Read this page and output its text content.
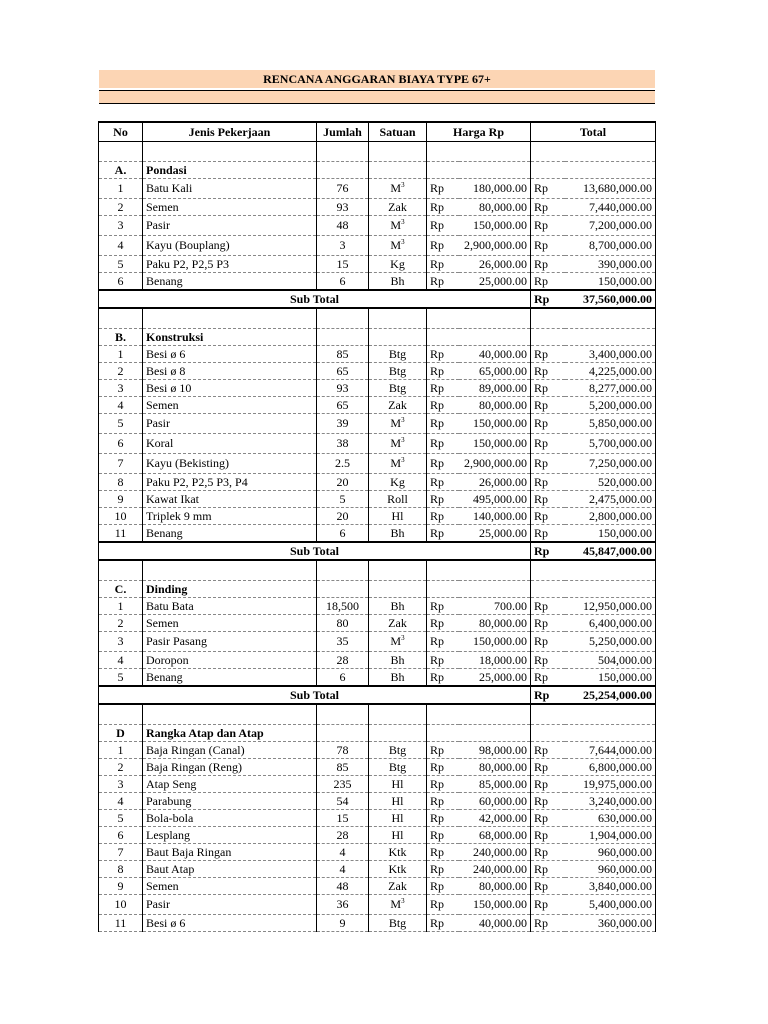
RENCANA ANGGARAN BIAYA TYPE 67+
No	Jenis Pekerjaan	Jumlah	Satuan	Harga Rp		Total	

A.	Pondasi						
1	Batu Kali	76	$M^3$	Rp	180,000.00	Rp	13,680,000.00
2	Semen	93	Zak	Rp	80,000.00	Rp	7,440,000.00
3	Pasir	48	$M^3$	Rp	150,000.00	Rp	7,200,000.00
4	Kayu (Bouplang)	3	$M^3$	Rp	2,900,000.00	Rp	8,700,000.00
5	Paku P2, P2,5 P3	15	Kg	Rp	26,000.00	Rp	390,000.00
6	Benang	6	Bh	Rp	25,000.00	Rp	150,000.00
Sub Total						Rp	37,560,000.00

B.	Konstruksi						
1	Besi ø 6	85	Btg	Rp	40,000.00	Rp	3,400,000.00
2	Besi ø 8	65	Btg	Rp	65,000.00	Rp	4,225,000.00
3	Besi ø 10	93	Btg	Rp	89,000.00	Rp	8,277,000.00
4	Semen	65	Zak	Rp	80,000.00	Rp	5,200,000.00
5	Pasir	39	$M^3$	Rp	150,000.00	Rp	5,850,000.00
6	Koral	38	$M^3$	Rp	150,000.00	Rp	5,700,000.00
7	Kayu (Bekisting)	2.5	$M^3$	Rp	2,900,000.00	Rp	7,250,000.00
8	Paku P2, P2,5 P3, P4	20	Kg	Rp	26,000.00	Rp	520,000.00
9	Kawat Ikat	5	Roll	Rp	495,000.00	Rp	2,475,000.00
10	Triplek 9 mm	20	Hl	Rp	140,000.00	Rp	2,800,000.00
11	Benang	6	Bh	Rp	25,000.00	Rp	150,000.00
Sub Total						Rp	45,847,000.00

C.	Dinding						
1	Batu Bata	18,500	Bh	Rp	700.00	Rp	12,950,000.00
2	Semen	80	Zak	Rp	80,000.00	Rp	6,400,000.00
3	Pasir Pasang	35	$M^3$	Rp	150,000.00	Rp	5,250,000.00
4	Doropon	28	Bh	Rp	18,000.00	Rp	504,000.00
5	Benang	6	Bh	Rp	25,000.00	Rp	150,000.00
Sub Total						Rp	25,254,000.00

D	Rangka Atap dan Atap						
1	Baja Ringan (Canal)	78	Btg	Rp	98,000.00	Rp	7,644,000.00
2	Baja Ringan (Reng)	85	Btg	Rp	80,000.00	Rp	6,800,000.00
3	Atap Seng	235	Hl	Rp	85,000.00	Rp	19,975,000.00
4	Parabung	54	Hl	Rp	60,000.00	Rp	3,240,000.00
5	Bola-bola	15	Hl	Rp	42,000.00	Rp	630,000.00
6	Lesplang	28	Hl	Rp	68,000.00	Rp	1,904,000.00
7	Baut Baja Ringan	4	Ktk	Rp	240,000.00	Rp	960,000.00
8	Baut Atap	4	Ktk	Rp	240,000.00	Rp	960,000.00
9	Semen	48	Zak	Rp	80,000.00	Rp	3,840,000.00
10	Pasir	36	$M^3$	Rp	150,000.00	Rp	5,400,000.00
11	Besi ø 6	9	Btg	Rp	40,000.00	Rp	360,000.00
